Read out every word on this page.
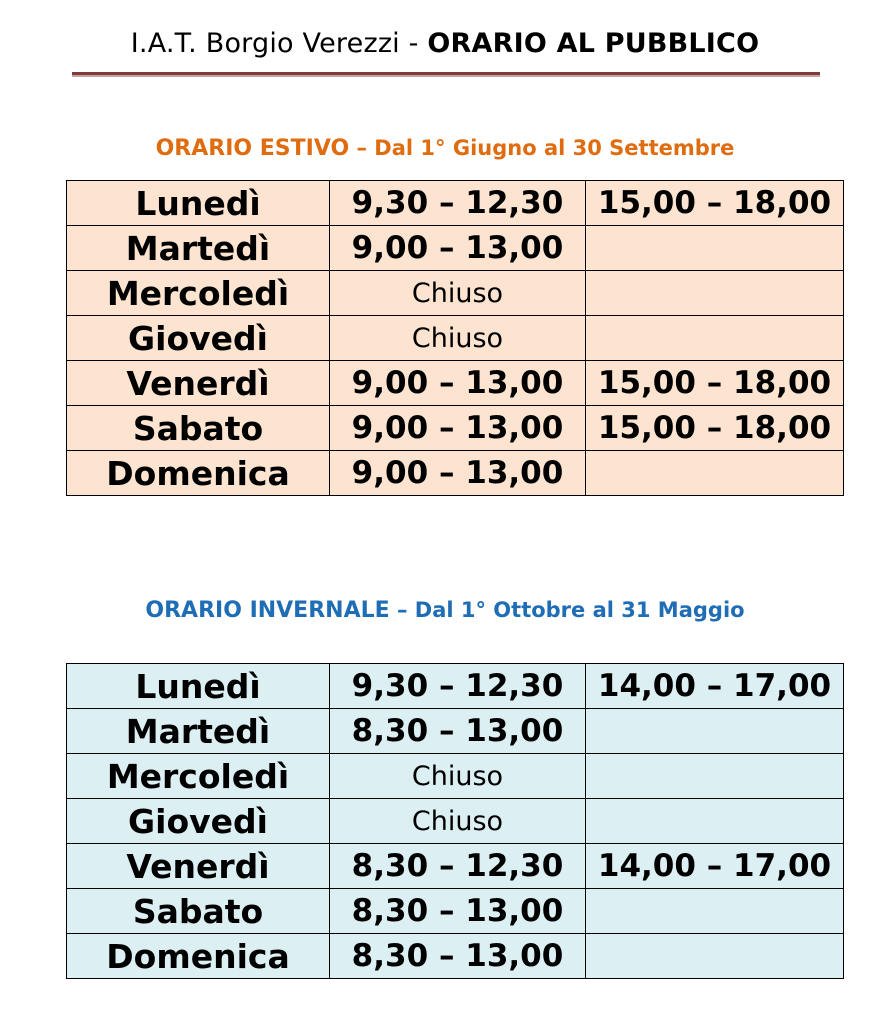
I.A.T. Borgio Verezzi - ORARIO AL PUBBLICO
ORARIO ESTIVO – Dal 1° Giugno al 30 Settembre
Lunedì	9,30 – 12,30	15,00 – 18,00
Martedì	9,00 – 13,00	
Mercoledì	Chiuso	
Giovedì	Chiuso	
Venerdì	9,00 – 13,00	15,00 – 18,00
Sabato	9,00 – 13,00	15,00 – 18,00
Domenica	9,00 – 13,00	
ORARIO INVERNALE – Dal 1° Ottobre al 31 Maggio
Lunedì	9,30 – 12,30	14,00 – 17,00
Martedì	8,30 – 13,00	
Mercoledì	Chiuso	
Giovedì	Chiuso	
Venerdì	8,30 – 12,30	14,00 – 17,00
Sabato	8,30 – 13,00	
Domenica	8,30 – 13,00	
